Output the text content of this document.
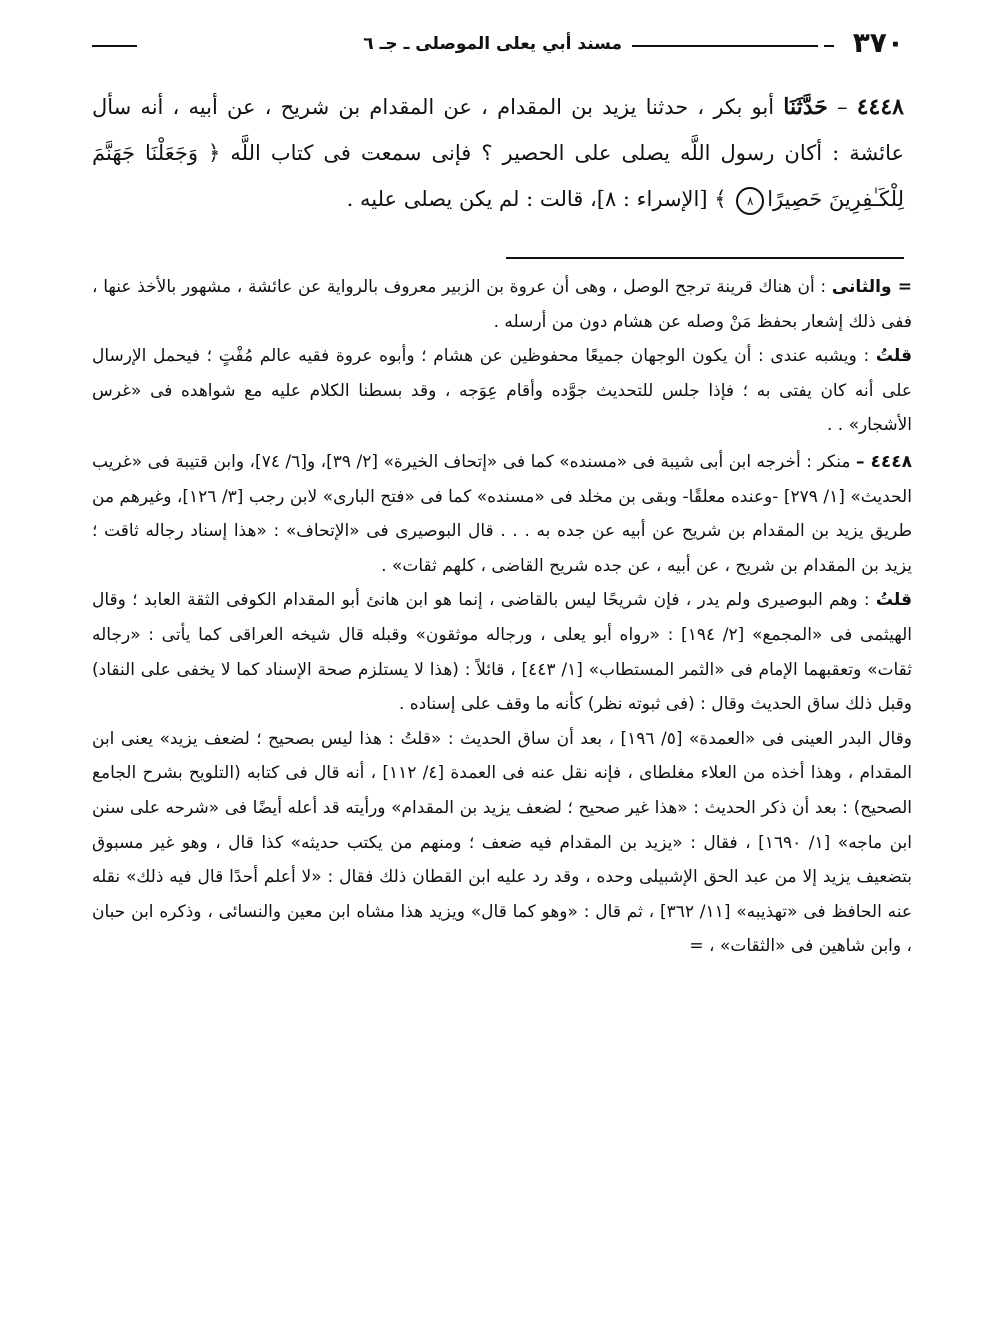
٣٧٠
مسند أبي يعلى الموصلى ـ جـ ٦
٤٤٤٨ – حَدَّثَنَا أبو بكر ، حدثنا يزيد بن المقدام ، عن المقدام بن شريح ، عن أبيه ، أنه سأل عائشة : أكان رسول اللَّه يصلى على الحصير ؟ فإنى سمعت فى كتاب اللَّه ﴿ وَجَعَلْنَا جَهَنَّمَ لِلْكَـٰفِرِينَ حَصِيرًا٨ ﴾ [الإسراء : ٨]، قالت : لم يكن يصلى عليه .

= والثانى : أن هناك قرينة ترجح الوصل ، وهى أن عروة بن الزبير معروف بالرواية عن عائشة ، مشهور بالأخذ عنها ، ففى ذلك إشعار بحفظ مَنْ وصله عن هشام دون من أرسله .

قلتُ : ويشبه عندى : أن يكون الوجهان جميعًا محفوظين عن هشام ؛ وأبوه عروة فقيه عالم مُفْتٍ ؛ فيحمل الإرسال على أنه كان يفتى به ؛ فإذا جلس للتحديث جوَّده وأقام عِوَجه ، وقد بسطنا الكلام عليه مع شواهده فى «غرس الأشجار» . .

٤٤٤٨ – منكر : أخرجه ابن أبى شيبة فى «مسنده» كما فى «إتحاف الخيرة» [٢/ ٣٩]، و[٦/ ٧٤]، وابن قتيبة فى «غريب الحديث» [١/ ٢٧٩] -وعنده معلقًا- وبقى بن مخلد فى «مسنده» كما فى «فتح البارى» لابن رجب [٣/ ١٢٦]، وغيرهم من طريق يزيد بن المقدام بن شريح عن أبيه عن جده به . . . قال البوصيرى فى «الإتحاف» : «هذا إسناد رجاله ثاقت ؛ يزيد بن المقدام بن شريح ، عن أبيه ، عن جده شريح القاضى ، كلهم ثقات» .

قلتُ : وهم البوصيرى ولم يدر ، فإن شريحًا ليس بالقاضى ، إنما هو ابن هانئ أبو المقدام الكوفى الثقة العابد ؛ وقال الهيثمى فى «المجمع» [٢/ ١٩٤] : «رواه أبو يعلى ، ورجاله موثقون» وقبله قال شيخه العراقى كما يأتى : «رجاله ثقات» وتعقبهما الإمام فى «الثمر المستطاب» [١/ ٤٤٣] ، قائلاً : (هذا لا يستلزم صحة الإسناد كما لا يخفى على النقاد) وقبل ذلك ساق الحديث وقال : (فى ثبوته نظر) كأنه ما وقف على إسناده .

وقال البدر العينى فى «العمدة» [٥/ ١٩٦] ، بعد أن ساق الحديث : «قلتُ : هذا ليس بصحيح ؛ لضعف يزيد» يعنى ابن المقدام ، وهذا أخذه من العلاء مغلطاى ، فإنه نقل عنه فى العمدة [٤/ ١١٢] ، أنه قال فى كتابه (التلويح بشرح الجامع الصحيح) : بعد أن ذكر الحديث : «هذا غير صحيح ؛ لضعف يزيد بن المقدام» ورأيته قد أعله أيضًا فى «شرحه على سنن ابن ماجه» [١/ ١٦٩٠] ، فقال : «يزيد بن المقدام فيه ضعف ؛ ومنهم من يكتب حديثه» كذا قال ، وهو غير مسبوق بتضعيف يزيد إلا من عبد الحق الإشبيلى وحده ، وقد رد عليه ابن القطان ذلك فقال : «لا أعلم أحدًا قال فيه ذلك» نقله عنه الحافظ فى «تهذيبه» [١١/ ٣٦٢] ، ثم قال : «وهو كما قال» ويزيد هذا مشاه ابن معين والنسائى ، وذكره ابن حبان ، وابن شاهين فى «الثقات» ، =
